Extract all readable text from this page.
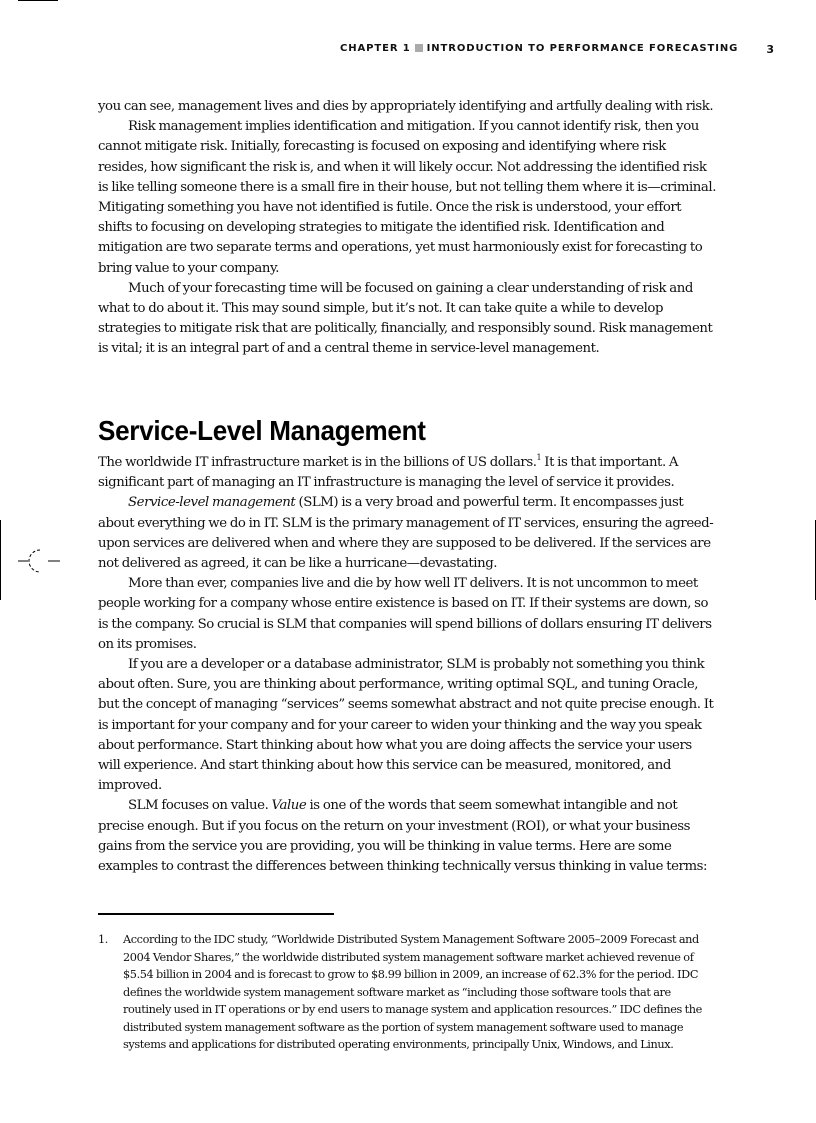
CHAPTER 1 INTRODUCTION TO PERFORMANCE FORECASTING	3

you can see, management lives and dies by appropriately identifying and artfully dealing with risk.

Risk management implies identification and mitigation. If you cannot identify risk, then you cannot mitigate risk. Initially, forecasting is focused on exposing and identifying where risk resides, how significant the risk is, and when it will likely occur. Not addressing the identified risk is like telling someone there is a small fire in their house, but not telling them where it is—criminal. Mitigating something you have not identified is futile. Once the risk is understood, your effort shifts to focusing on developing strategies to mitigate the identified risk. Identification and mitigation are two separate terms and operations, yet must harmoniously exist for forecasting to bring value to your company.

Much of your forecasting time will be focused on gaining a clear understanding of risk and what to do about it. This may sound simple, but it’s not. It can take quite a while to develop strategies to mitigate risk that are politically, financially, and responsibly sound. Risk management is vital; it is an integral part of and a central theme in service-level management.

Service-Level Management

The worldwide IT infrastructure market is in the billions of US dollars.$^1$ It is that important. A significant part of managing an IT infrastructure is managing the level of service it provides.

Service-level management (SLM) is a very broad and powerful term. It encompasses just about everything we do in IT. SLM is the primary management of IT services, ensuring the agreed-upon services are delivered when and where they are supposed to be delivered. If the services are not delivered as agreed, it can be like a hurricane—devastating.

More than ever, companies live and die by how well IT delivers. It is not uncommon to meet people working for a company whose entire existence is based on IT. If their systems are down, so is the company. So crucial is SLM that companies will spend billions of dollars ensuring IT delivers on its promises.

If you are a developer or a database administrator, SLM is probably not something you think about often. Sure, you are thinking about performance, writing optimal SQL, and tuning Oracle, but the concept of managing “services” seems somewhat abstract and not quite precise enough. It is important for your company and for your career to widen your thinking and the way you speak about performance. Start thinking about how what you are doing affects the service your users will experience. And start thinking about how this service can be measured, monitored, and improved.

SLM focuses on value. Value is one of the words that seem somewhat intangible and not precise enough. But if you focus on the return on your investment (ROI), or what your business gains from the service you are providing, you will be thinking in value terms. Here are some examples to contrast the differences between thinking technically versus thinking in value terms:

1. According to the IDC study, “Worldwide Distributed System Management Software 2005–2009 Forecast and 2004 Vendor Shares,” the worldwide distributed system management software market achieved revenue of $5.54 billion in 2004 and is forecast to grow to $8.99 billion in 2009, an increase of 62.3% for the period. IDC defines the worldwide system management software market as “including those software tools that are routinely used in IT operations or by end users to manage system and application resources.” IDC defines the distributed system management software as the portion of system management software used to manage systems and applications for distributed operating environments, principally Unix, Windows, and Linux.
